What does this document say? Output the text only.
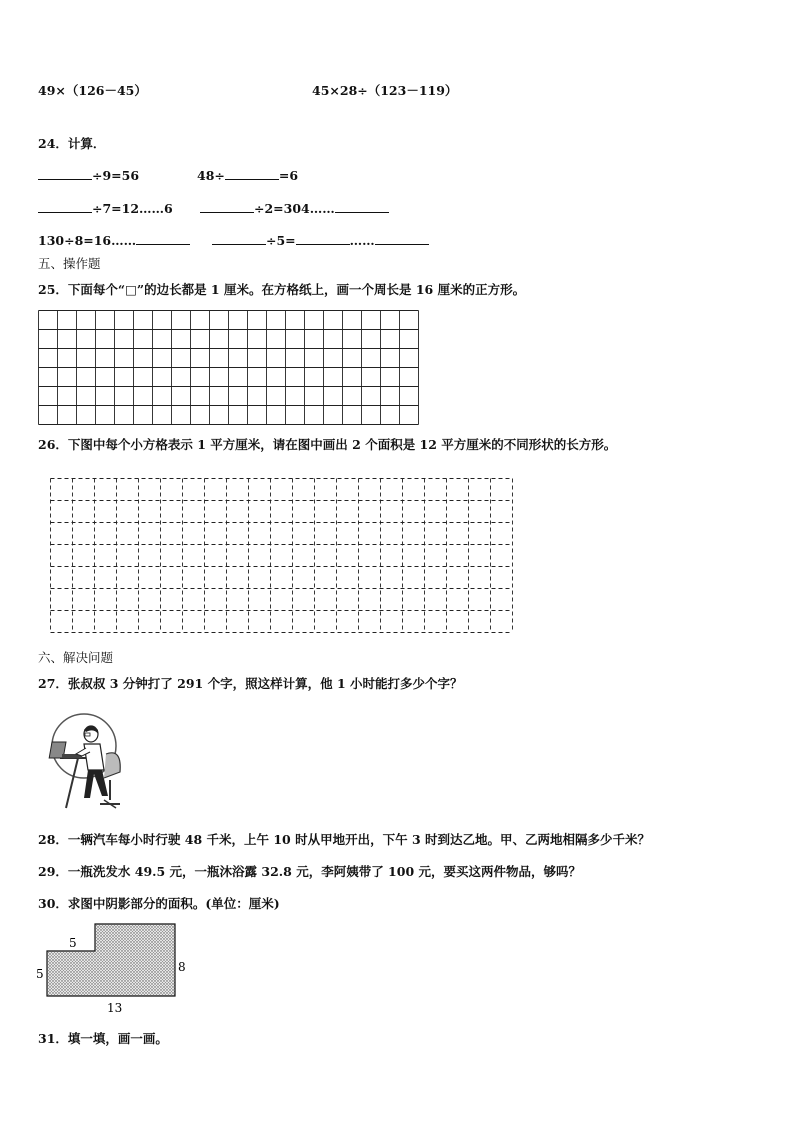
49×（126－45）	45×28÷（123－119）
24．计算．
÷9=56	48÷	=6
÷7=12……6	÷2=304……
130÷8=16……	÷5=	……
五、操作题
25．下面每个“□”的边长都是 1 厘米。在方格纸上，画一个周长是 16 厘米的正方形。
26．下图中每个小方格表示 1 平方厘米，请在图中画出 2 个面积是 12 平方厘米的不同形状的长方形。
六、解决问题
27．张叔叔 3 分钟打了 291 个字，照这样计算，他 1 小时能打多少个字？
28．一辆汽车每小时行驶 48 千米，上午 10 时从甲地开出，下午 3 时到达乙地。甲、乙两地相隔多少千米？
29．一瓶洗发水 49.5 元，一瓶沐浴露 32.8 元，李阿姨带了 100 元，要买这两件物品，够吗？
30．求图中阴影部分的面积。(单位：厘米)
5
5	8
13
31．填一填，画一画。
